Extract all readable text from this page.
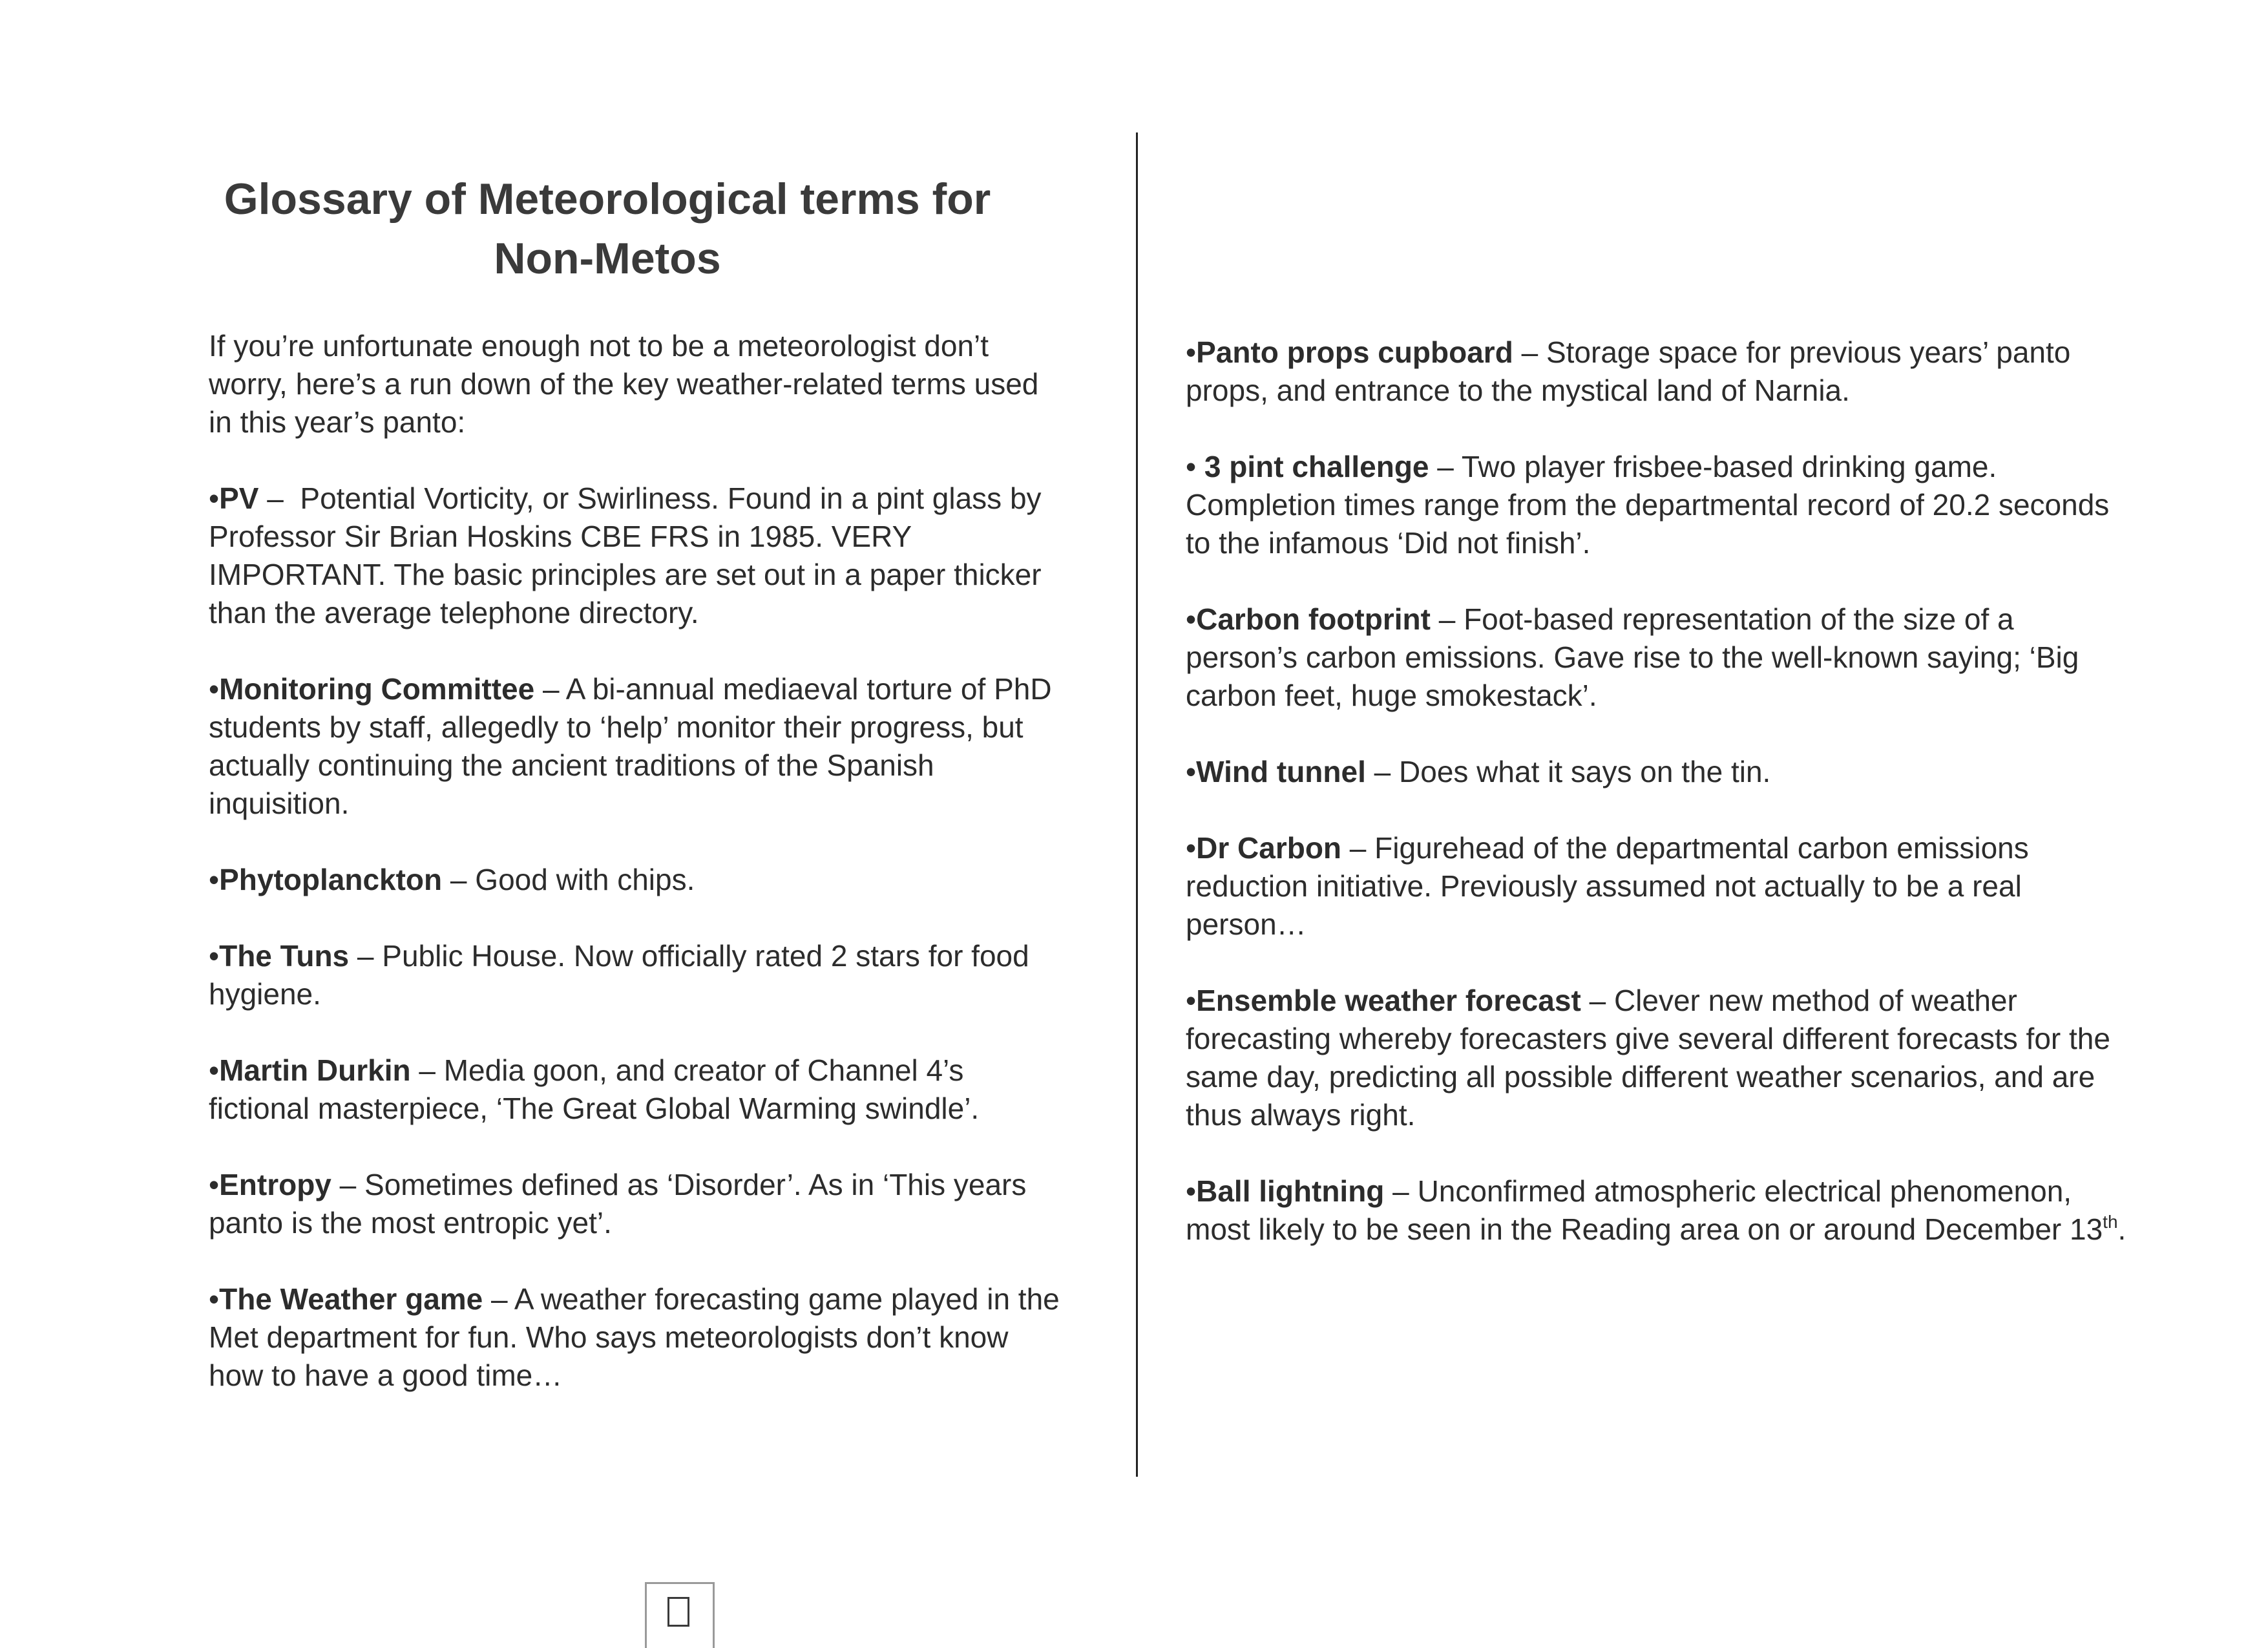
Glossary of Meteorological terms for
Non-Metos

If you’re unfortunate enough not to be a meteorologist don’t worry, here’s a run down of the key weather-related terms used in this year’s panto:

•PV –  Potential Vorticity, or Swirliness. Found in a pint glass by Professor Sir Brian Hoskins CBE FRS in 1985. VERY IMPORTANT. The basic principles are set out in a paper thicker than the average telephone directory.

•Monitoring Committee – A bi-annual mediaeval torture of PhD students by staff, allegedly to ‘help’ monitor their progress, but actually continuing the ancient traditions of the Spanish inquisition.

•Phytoplanckton – Good with chips.

•The Tuns – Public House. Now officially rated 2 stars for food hygiene.

•Martin Durkin – Media goon, and creator of Channel 4’s fictional masterpiece, ‘The Great Global Warming swindle’.

•Entropy – Sometimes defined as ‘Disorder’. As in ‘This years panto is the most entropic yet’.

•The Weather game – A weather forecasting game played in the Met department for fun. Who says meteorologists don’t know how to have a good time…

•Panto props cupboard – Storage space for previous years’ panto props, and entrance to the mystical land of Narnia.

• 3 pint challenge – Two player frisbee-based drinking game. Completion times range from the departmental record of 20.2 seconds to the infamous ‘Did not finish’.

•Carbon footprint – Foot-based representation of the size of a person’s carbon emissions. Gave rise to the well-known saying; ‘Big carbon feet, huge smokestack’.

•Wind tunnel – Does what it says on the tin.

•Dr Carbon – Figurehead of the departmental carbon emissions reduction initiative. Previously assumed not actually to be a real person…

•Ensemble weather forecast – Clever new method of weather forecasting whereby forecasters give several different forecasts for the same day, predicting all possible different weather scenarios, and are thus always right.

•Ball lightning – Unconfirmed atmospheric electrical phenomenon, most likely to be seen in the Reading area on or around December 13th.
